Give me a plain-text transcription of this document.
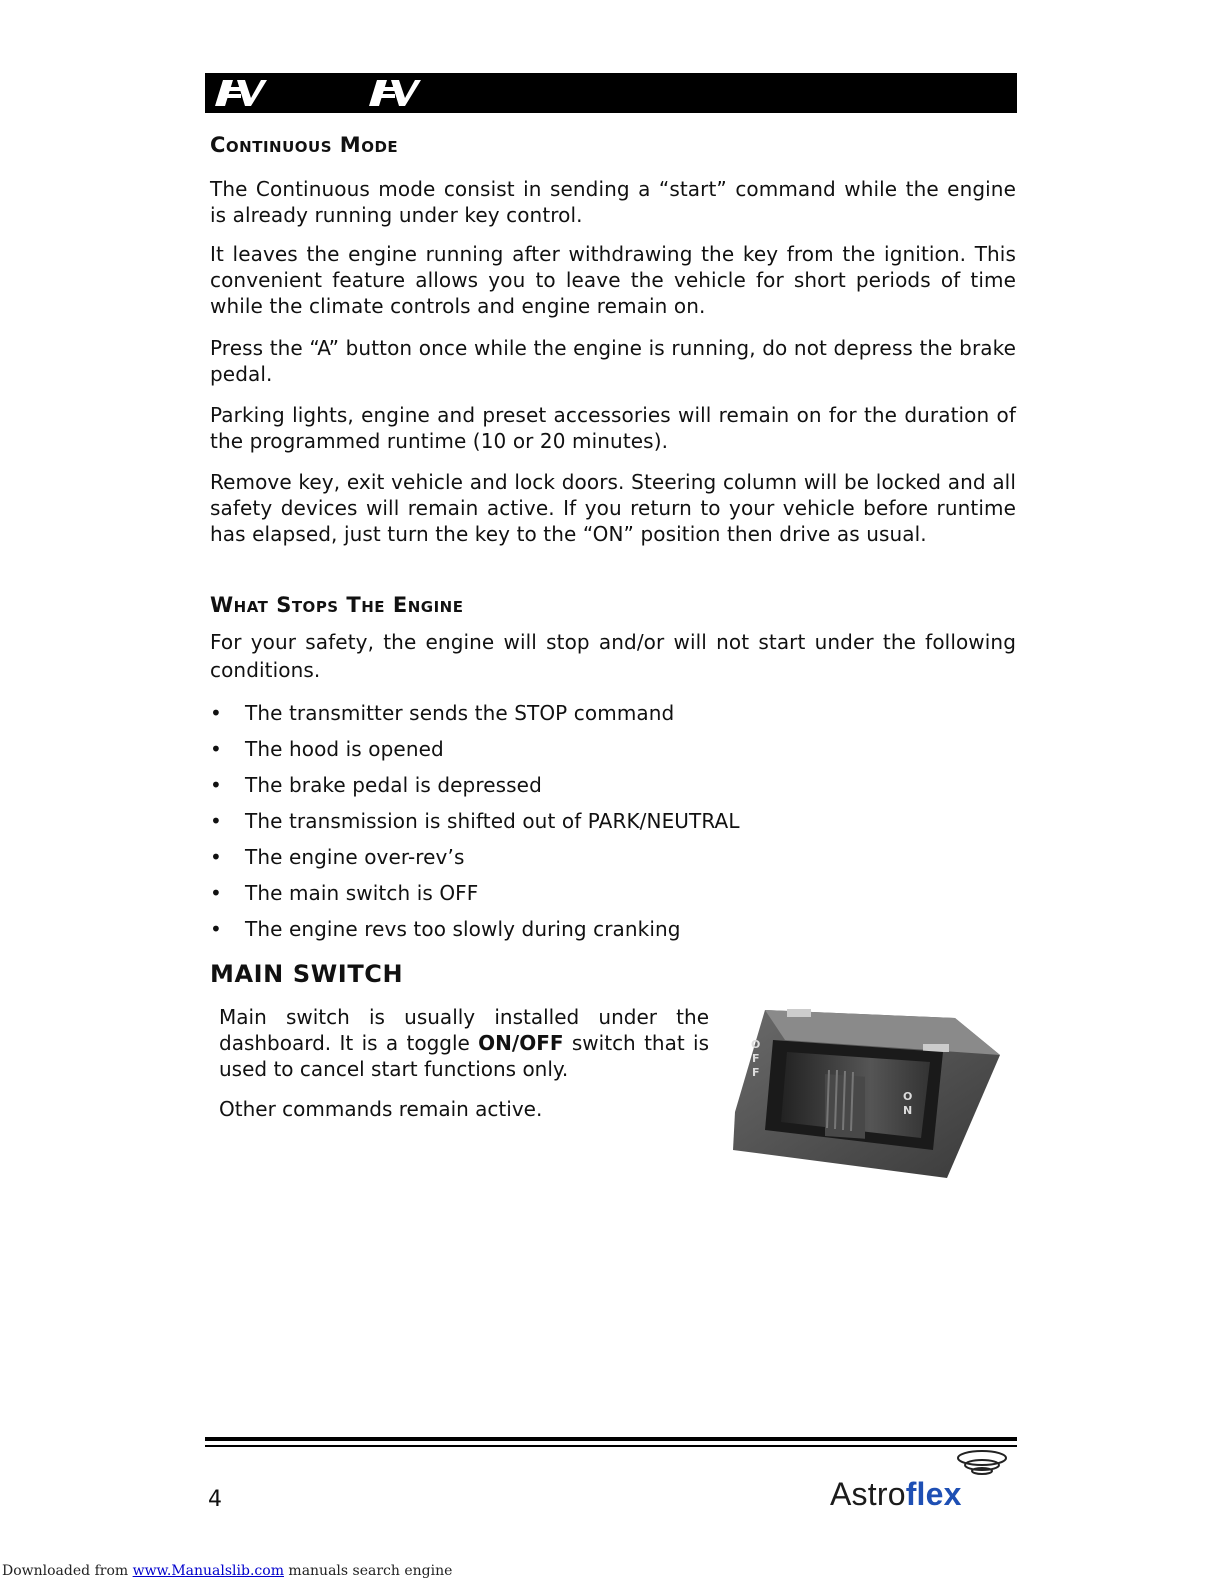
Continuous Mode

The Continuous mode consist in sending a “start” command while the engine is already running under key control.

It leaves the engine running after withdrawing the key from the ignition. This convenient feature allows you to leave the vehicle for short periods of time while the climate controls and engine remain on.

Press the “A” button once while the engine is running, do not depress the brake pedal.

Parking lights, engine and preset accessories will remain on for the duration of the programmed runtime (10 or 20 minutes).

Remove key, exit vehicle and lock doors. Steering column will be locked and all safety devices will remain active. If you return to your vehicle before runtime has elapsed, just turn the key to the “ON” position then drive as usual.

What Stops The Engine

For your safety, the engine will stop and/or will not start under the following conditions.

• The transmitter sends the STOP command
• The hood is opened
• The brake pedal is depressed
• The transmission is shifted out of PARK/NEUTRAL
• The engine over-rev’s
• The main switch is OFF
• The engine revs too slowly during cranking
MAIN SWITCH

Main switch is usually installed under the dashboard. It is a toggle ON/OFF switch that is used to cancel start functions only.

Other commands remain active.

O
F
F
O
N
4	Astroflex
Downloaded from www.Manualslib.com manuals search engine
